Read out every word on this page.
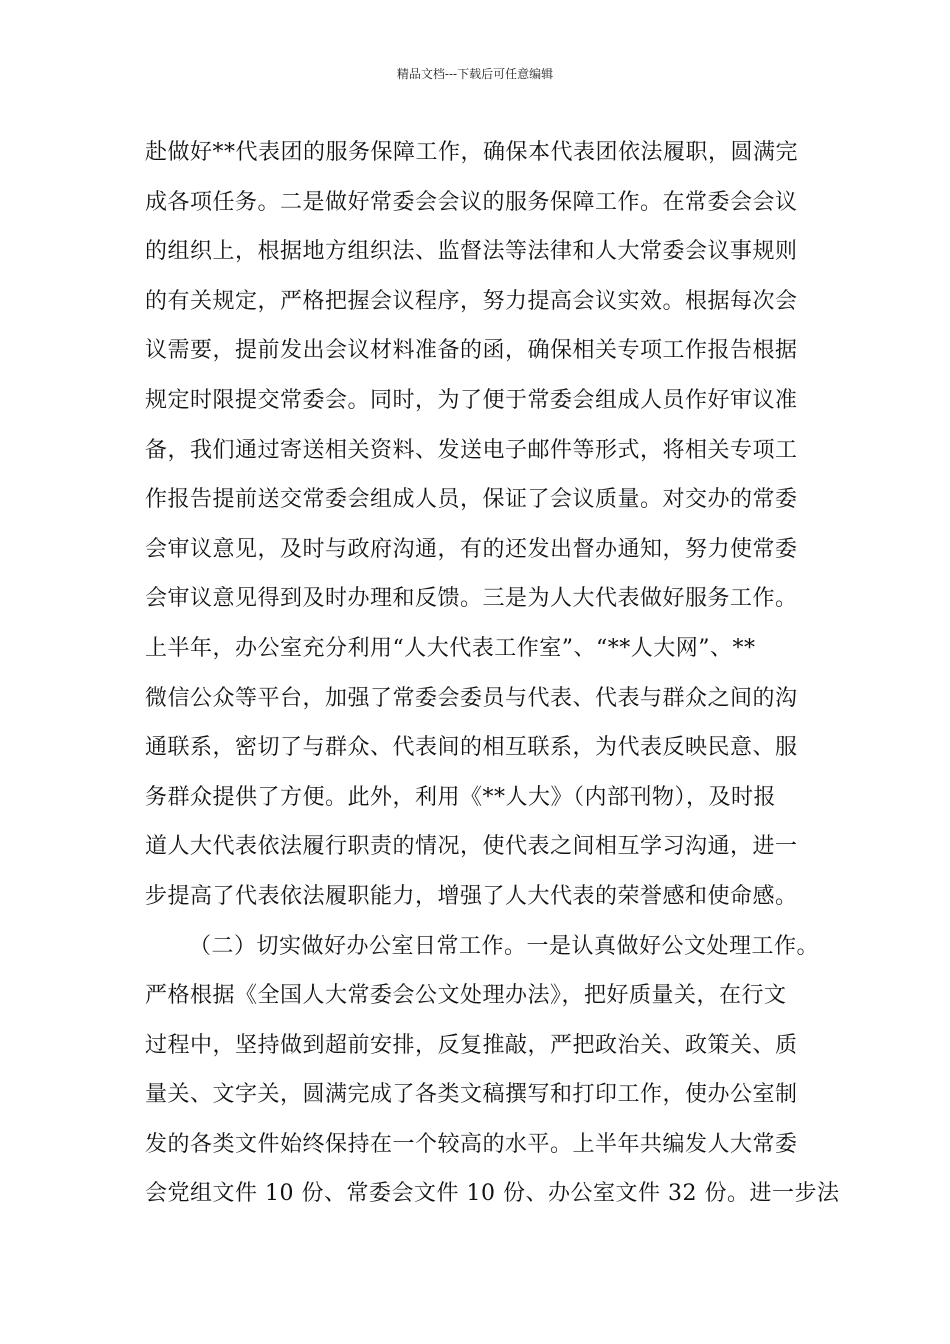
精品文档---下载后可任意编辑
赴做好**代表团的服务保障工作，确保本代表团依法履职，圆满完
成各项任务。二是做好常委会会议的服务保障工作。在常委会会议
的组织上，根据地方组织法、监督法等法律和人大常委会议事规则
的有关规定，严格把握会议程序，努力提高会议实效。根据每次会
议需要，提前发出会议材料准备的函，确保相关专项工作报告根据
规定时限提交常委会。同时，为了便于常委会组成人员作好审议准
备，我们通过寄送相关资料、发送电子邮件等形式，将相关专项工
作报告提前送交常委会组成人员，保证了会议质量。对交办的常委
会审议意见，及时与政府沟通，有的还发出督办通知，努力使常委
会审议意见得到及时办理和反馈。三是为人大代表做好服务工作。
上半年，办公室充分利用“人大代表工作室”、“**人大网”、**
微信公众等平台，加强了常委会委员与代表、代表与群众之间的沟
通联系，密切了与群众、代表间的相互联系，为代表反映民意、服
务群众提供了方便。此外，利用《**人大》（内部刊物），及时报
道人大代表依法履行职责的情况，使代表之间相互学习沟通，进一
步提高了代表依法履职能力，增强了人大代表的荣誉感和使命感。
（二）切实做好办公室日常工作。一是认真做好公文处理工作。
严格根据《全国人大常委会公文处理办法》，把好质量关，在行文
过程中，坚持做到超前安排，反复推敲，严把政治关、政策关、质
量关、文字关，圆满完成了各类文稿撰写和打印工作，使办公室制
发的各类文件始终保持在一个较高的水平。上半年共编发人大常委
会党组文件 10 份、常委会文件 10 份、办公室文件 32 份。进一步法
